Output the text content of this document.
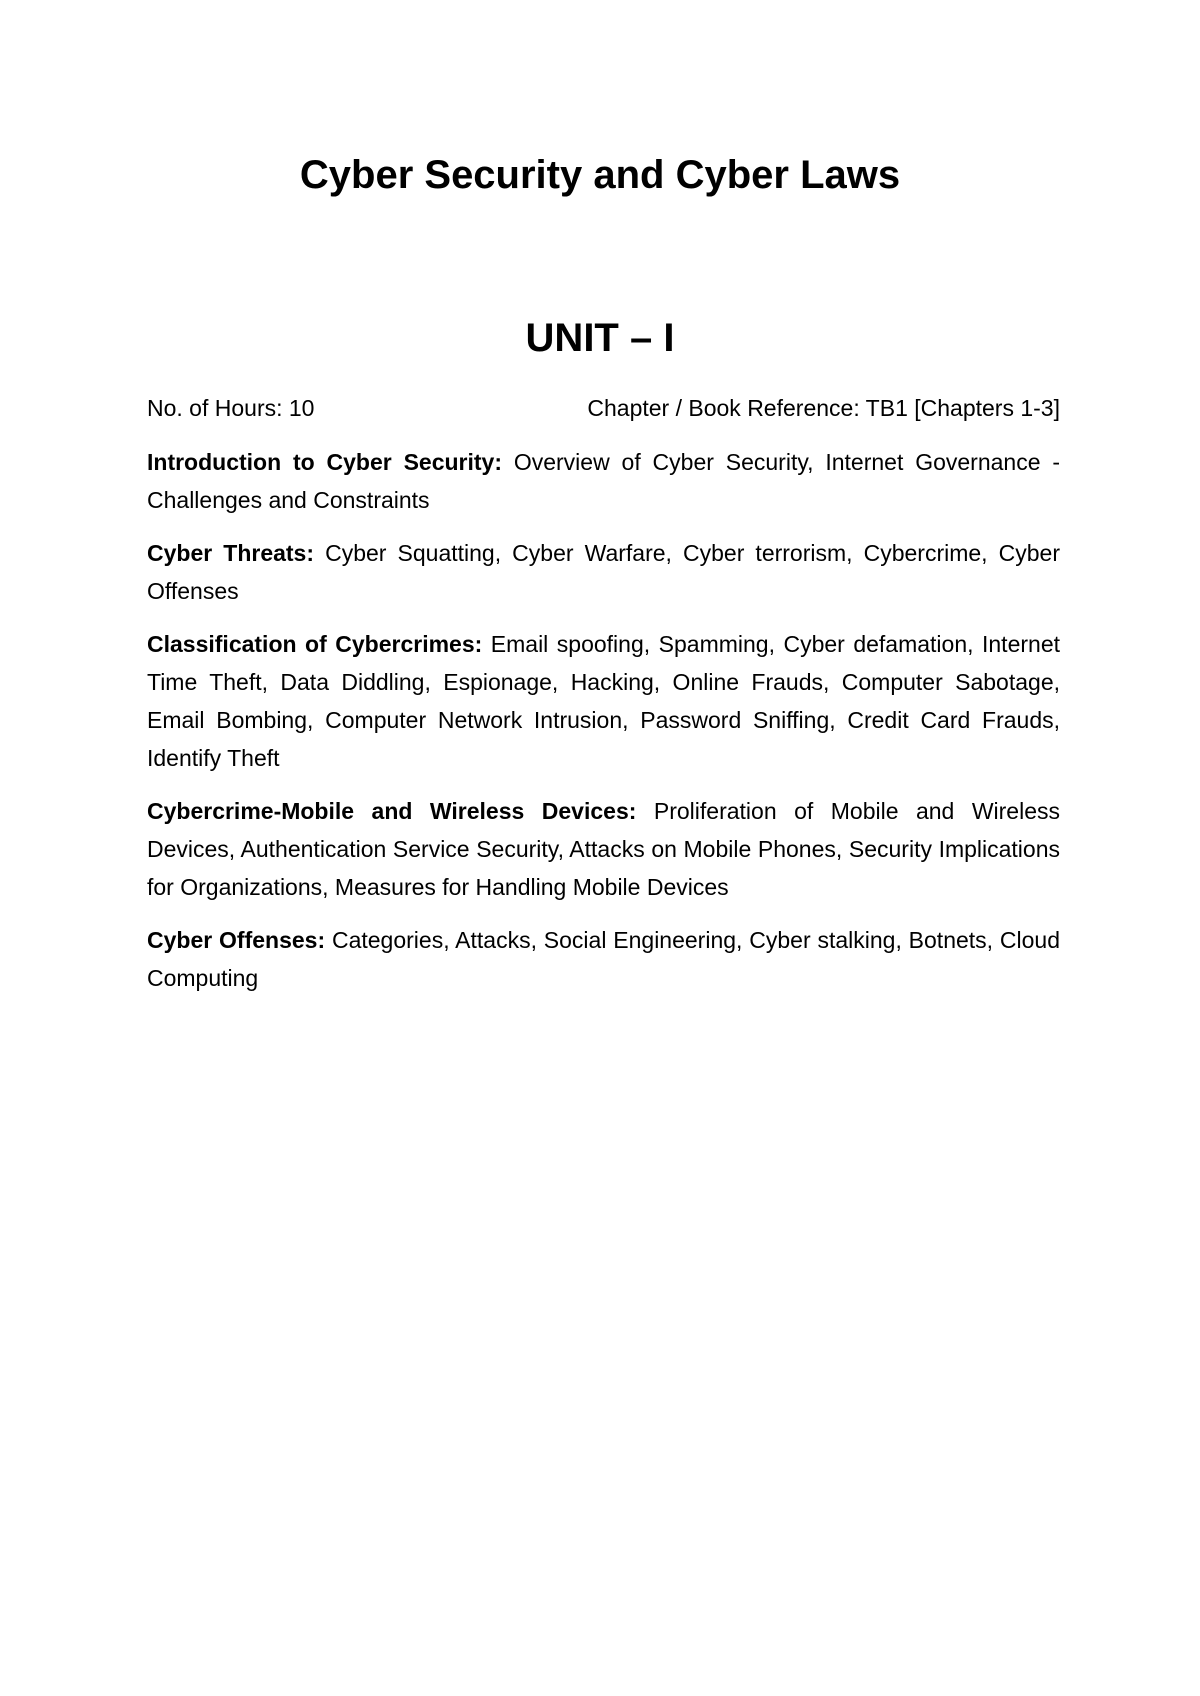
Cyber Security and Cyber Laws
UNIT – I
No. of Hours: 10	Chapter / Book Reference: TB1 [Chapters 1-3]

Introduction to Cyber Security: Overview of Cyber Security, Internet Governance - Challenges and Constraints

Cyber Threats: Cyber Squatting, Cyber Warfare, Cyber terrorism, Cybercrime, Cyber Offenses

Classification of Cybercrimes: Email spoofing, Spamming, Cyber defamation, Internet Time Theft, Data Diddling, Espionage, Hacking, Online Frauds, Computer Sabotage, Email Bombing, Computer Network Intrusion, Password Sniffing, Credit Card Frauds, Identify Theft

Cybercrime-Mobile and Wireless Devices: Proliferation of Mobile and Wireless Devices, Authentication Service Security, Attacks on Mobile Phones, Security Implications for Organizations, Measures for Handling Mobile Devices

Cyber Offenses: Categories, Attacks, Social Engineering, Cyber stalking, Botnets, Cloud Computing
